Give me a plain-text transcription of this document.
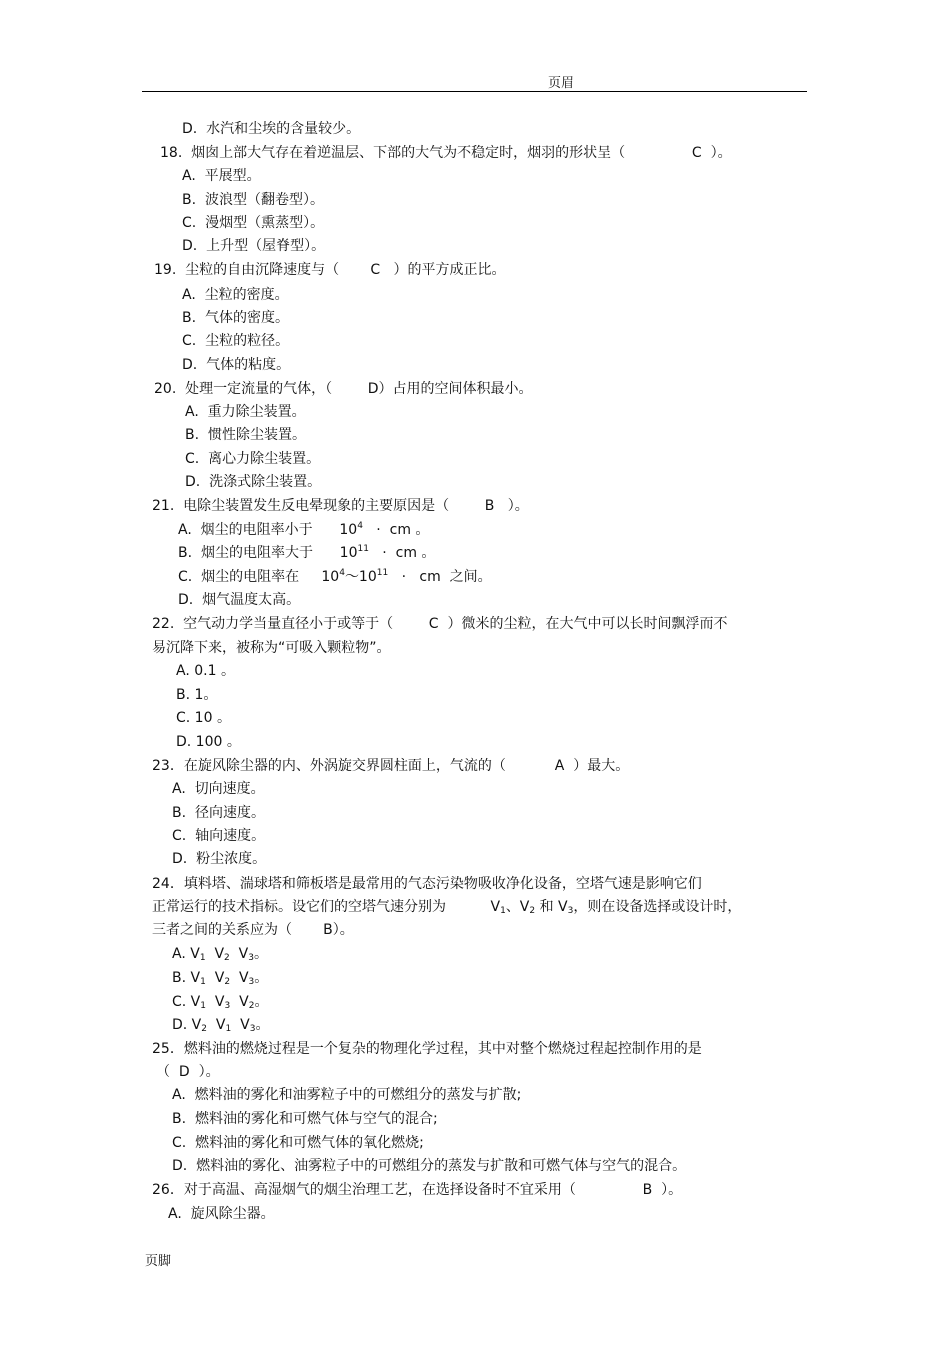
页眉
D.  水汽和尘埃的含量较少。
18.  烟囱上部大气存在着逆温层、下部的大气为不稳定时，烟羽的形状呈（               C  ）。
A.  平展型。
B.  波浪型（翻卷型）。
C.  漫烟型（熏蒸型）。
D.  上升型（屋脊型）。
19.  尘粒的自由沉降速度与（       C   ）的平方成正比。
A.  尘粒的密度。
B.  气体的密度。
C.  尘粒的粒径。
D.  气体的粘度。
20.  处理一定流量的气体，（        D）占用的空间体积最小。
A.  重力除尘装置。
B.  惯性除尘装置。
C.  离心力除尘装置。
D.  洗涤式除尘装置。
21.  电除尘装置发生反电晕现象的主要原因是（        B   ）。
A.  烟尘的电阻率小于      $10^4$   ·  cm 。
B.  烟尘的电阻率大于      $10^{11}$   ·  cm 。
C.  烟尘的电阻率在     $10^4\sim 10^{11}$   ·   cm  之间。
D.  烟气温度太高。
22.  空气动力学当量直径小于或等于（        C  ）微米的尘粒，在大气中可以长时间飘浮而不
易沉降下来，被称为“可吸入颗粒物”。
A. 0.1 。
B. 1。
C. 10 。
D. 100 。
23．在旋风除尘器的内、外涡旋交界圆柱面上，气流的（           A  ）最大。
A.  切向速度。
B.  径向速度。
C.  轴向速度。
D.  粉尘浓度。
24．填料塔、湍球塔和筛板塔是最常用的气态污染物吸收净化设备，空塔气速是影响它们
正常运行的技术指标。设它们的空塔气速分别为          $V_1$、$V_2$ 和 $V_3$，则在设备选择或设计时，
三者之间的关系应为（       B）。
A. $V_1$  $V_2$  $V_3$。
B. $V_1$  $V_2$  $V_3$。
C. $V_1$  $V_3$  $V_2$。
D. $V_2$  $V_1$  $V_3$。
25．燃料油的燃烧过程是一个复杂的物理化学过程，其中对整个燃烧过程起控制作用的是
（  D  ）。
A.  燃料油的雾化和油雾粒子中的可燃组分的蒸发与扩散;
B.  燃料油的雾化和可燃气体与空气的混合;
C.  燃料油的雾化和可燃气体的氧化燃烧;
D.  燃料油的雾化、油雾粒子中的可燃组分的蒸发与扩散和可燃气体与空气的混合。
26．对于高温、高湿烟气的烟尘治理工艺，在选择设备时不宜采用（               B  ）。
A.  旋风除尘器。
页脚
